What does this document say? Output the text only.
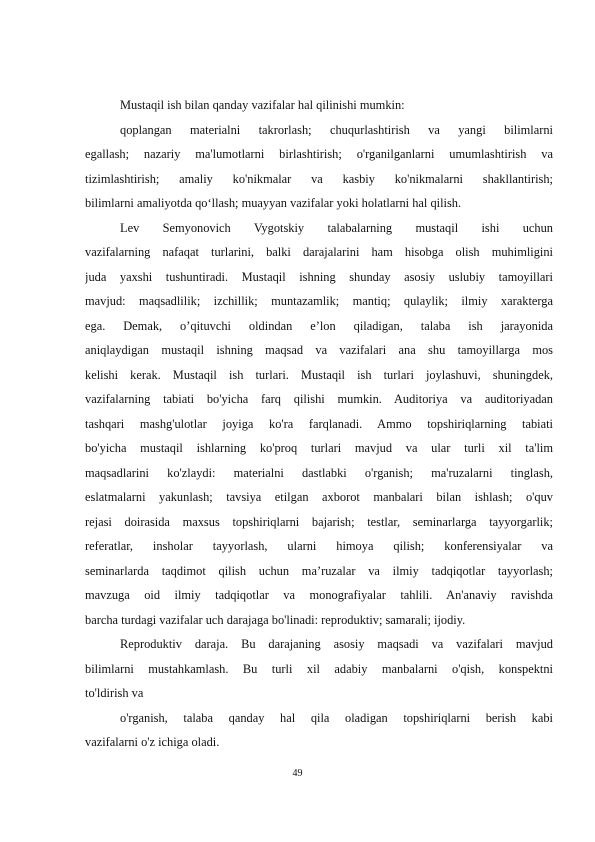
Mustaqil ish bilan qanday vazifalar hal qilinishi mumkin:
qoplangan materialni takrorlash; chuqurlashtirish va yangi bilimlarni
egallash; nazariy ma'lumotlarni birlashtirish; o'rganilganlarni umumlashtirish va
tizimlashtirish; amaliy ko'nikmalar va kasbiy ko'nikmalarni shakllantirish;
bilimlarni amaliyotda qo‘llash; muayyan vazifalar yoki holatlarni hal qilish.
Lev Semyonovich Vygotskiy talabalarning mustaqil ishi uchun
vazifalarning nafaqat turlarini, balki darajalarini ham hisobga olish muhimligini
juda yaxshi tushuntiradi. Mustaqil ishning shunday asosiy uslubiy tamoyillari
mavjud: maqsadlilik; izchillik; muntazamlik; mantiq; qulaylik; ilmiy xarakterga
ega. Demak, o’qituvchi oldindan e’lon qiladigan, talaba ish jarayonida
aniqlaydigan mustaqil ishning maqsad va vazifalari ana shu tamoyillarga mos
kelishi kerak. Mustaqil ish turlari. Mustaqil ish turlari joylashuvi, shuningdek,
vazifalarning tabiati bo'yicha farq qilishi mumkin. Auditoriya va auditoriyadan
tashqari mashg'ulotlar joyiga ko'ra farqlanadi. Ammo topshiriqlarning tabiati
bo'yicha mustaqil ishlarning ko'proq turlari mavjud va ular turli xil ta'lim
maqsadlarini ko'zlaydi: materialni dastlabki o'rganish; ma'ruzalarni tinglash,
eslatmalarni yakunlash; tavsiya etilgan axborot manbalari bilan ishlash; o'quv
rejasi doirasida maxsus topshiriqlarni bajarish; testlar, seminarlarga tayyorgarlik;
referatlar, insholar tayyorlash, ularni himoya qilish; konferensiyalar va
seminarlarda taqdimot qilish uchun ma’ruzalar va ilmiy tadqiqotlar tayyorlash;
mavzuga oid ilmiy tadqiqotlar va monografiyalar tahlili. An'anaviy ravishda
barcha turdagi vazifalar uch darajaga bo'linadi: reproduktiv; samarali; ijodiy.
Reproduktiv daraja. Bu darajaning asosiy maqsadi va vazifalari mavjud
bilimlarni mustahkamlash. Bu turli xil adabiy manbalarni o'qish, konspektni
to'ldirish va
o'rganish, talaba qanday hal qila oladigan topshiriqlarni berish kabi
vazifalarni o'z ichiga oladi.
49
